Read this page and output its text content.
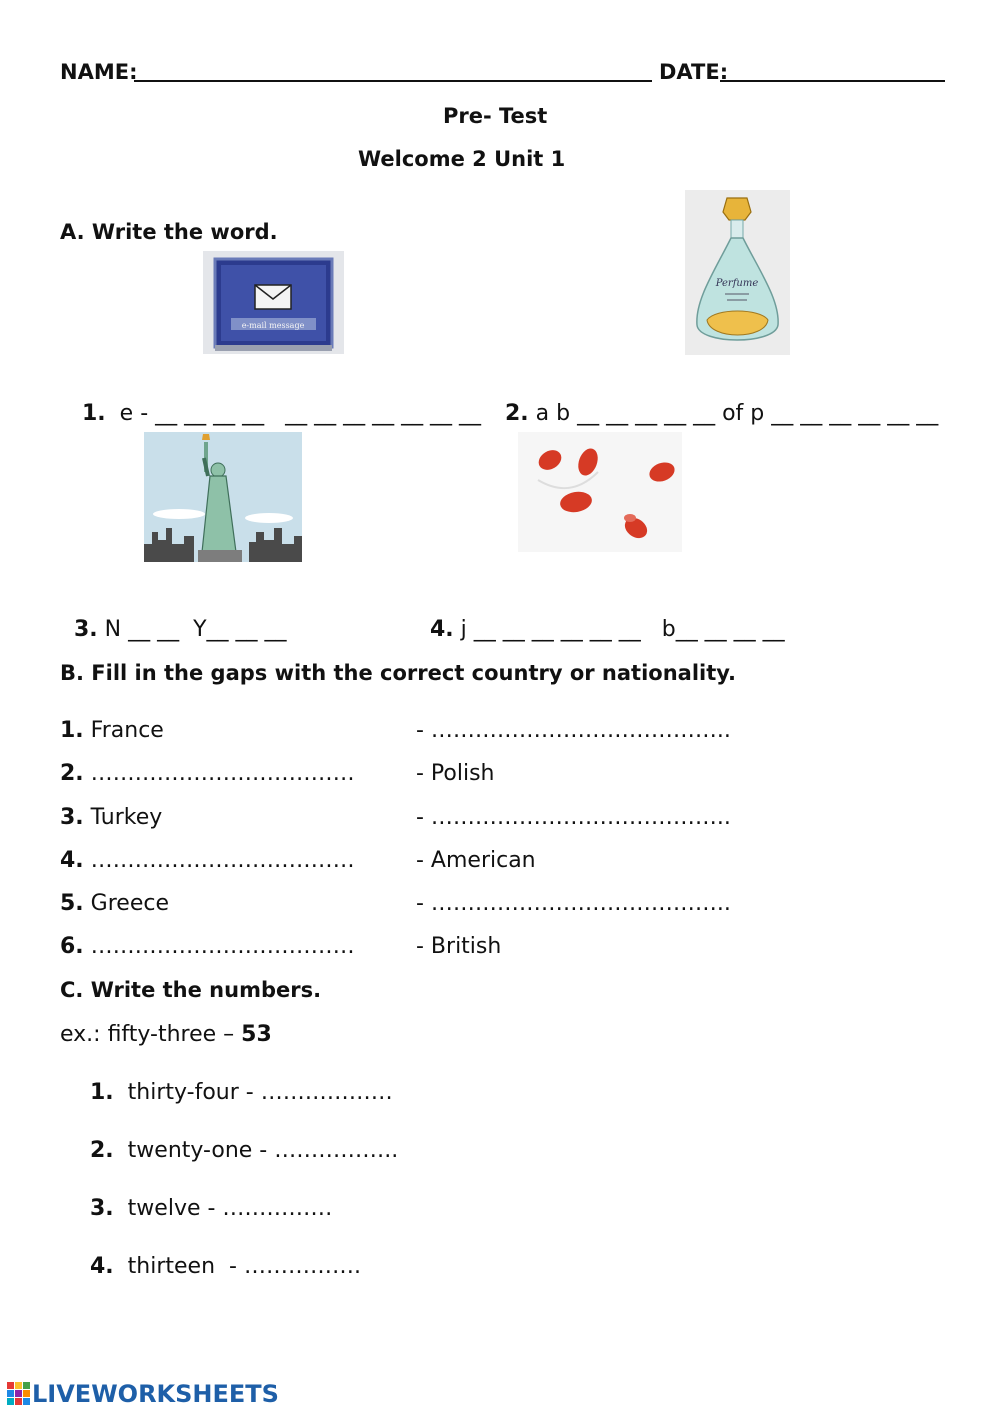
NAME:	DATE:
Pre- Test
Welcome 2 Unit 1
A. Write the word.
e-mail message
Perfume

1. e - __ __ __ __   __ __ __ __ __ __ __	2. a b __ __ __ __ __ of p __ __ __ __ __ __

3. N __ __  Y__ __ __	4. j __ __ __ __ __ __   b__ __ __ __

B. Fill in the gaps with the correct country or nationality.
1. France	- …………………………………..
2. ………………………………	- Polish
3. Turkey	- …………………………………..
4. ………………………………	- American
5. Greece	- …………………………………..
6. ………………………………	- British
C. Write the numbers.
ex.: fifty-three – 53
1. thirty-four - ………………
2. twenty-one - ……………..
3. twelve - ……………
4. thirteen  - …………….
LIVEWORKSHEETS
